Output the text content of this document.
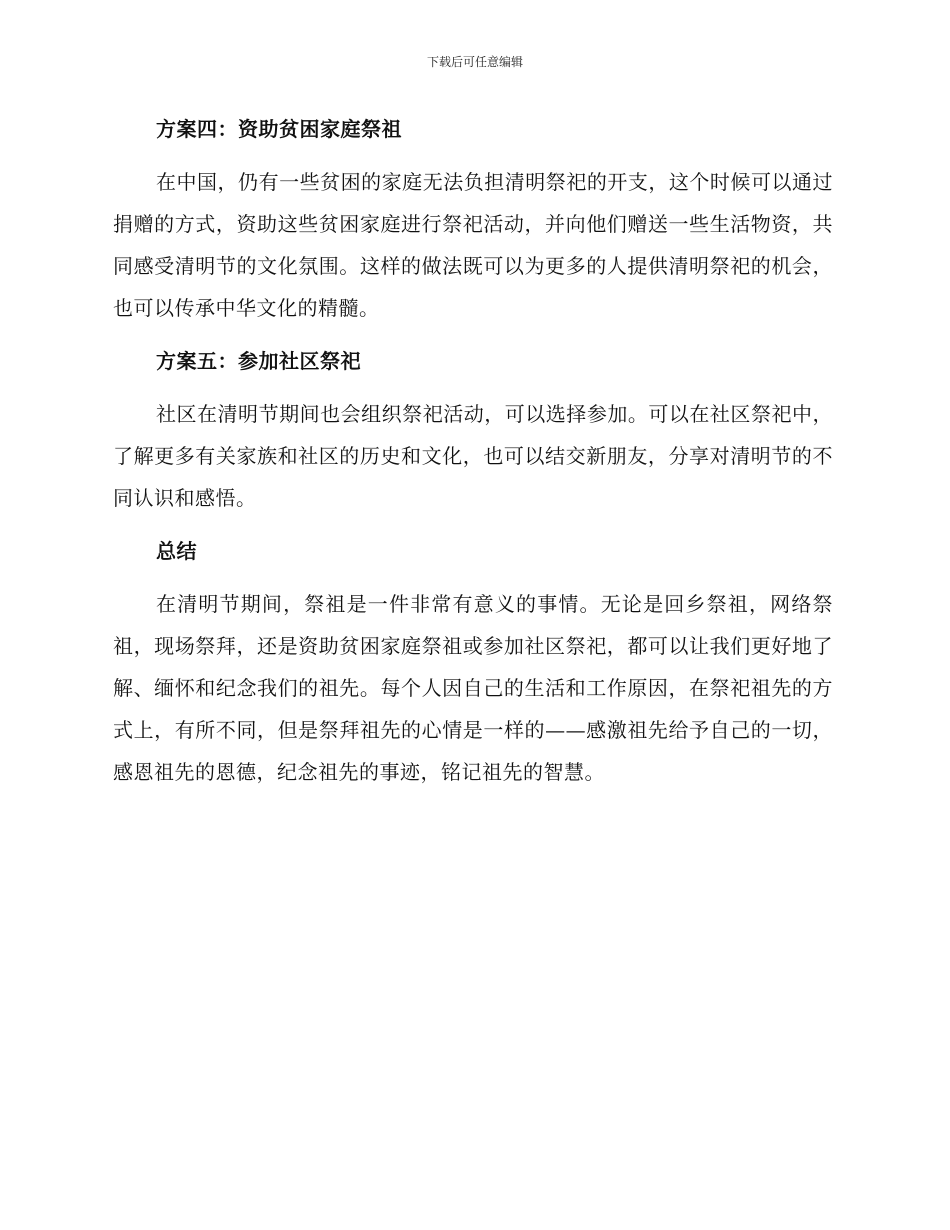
下载后可任意编辑
方案四：资助贫困家庭祭祖

在中国，仍有一些贫困的家庭无法负担清明祭祀的开支，这个时候可以通过捐赠的方式，资助这些贫困家庭进行祭祀活动，并向他们赠送一些生活物资，共同感受清明节的文化氛围。这样的做法既可以为更多的人提供清明祭祀的机会，也可以传承中华文化的精髓。

方案五：参加社区祭祀

社区在清明节期间也会组织祭祀活动，可以选择参加。可以在社区祭祀中，了解更多有关家族和社区的历史和文化，也可以结交新朋友，分享对清明节的不同认识和感悟。

总结

在清明节期间，祭祖是一件非常有意义的事情。无论是回乡祭祖，网络祭祖，现场祭拜，还是资助贫困家庭祭祖或参加社区祭祀，都可以让我们更好地了解、缅怀和纪念我们的祖先。每个人因自己的生活和工作原因，在祭祀祖先的方式上，有所不同，但是祭拜祖先的心情是一样的——感激祖先给予自己的一切，感恩祖先的恩德，纪念祖先的事迹，铭记祖先的智慧。
